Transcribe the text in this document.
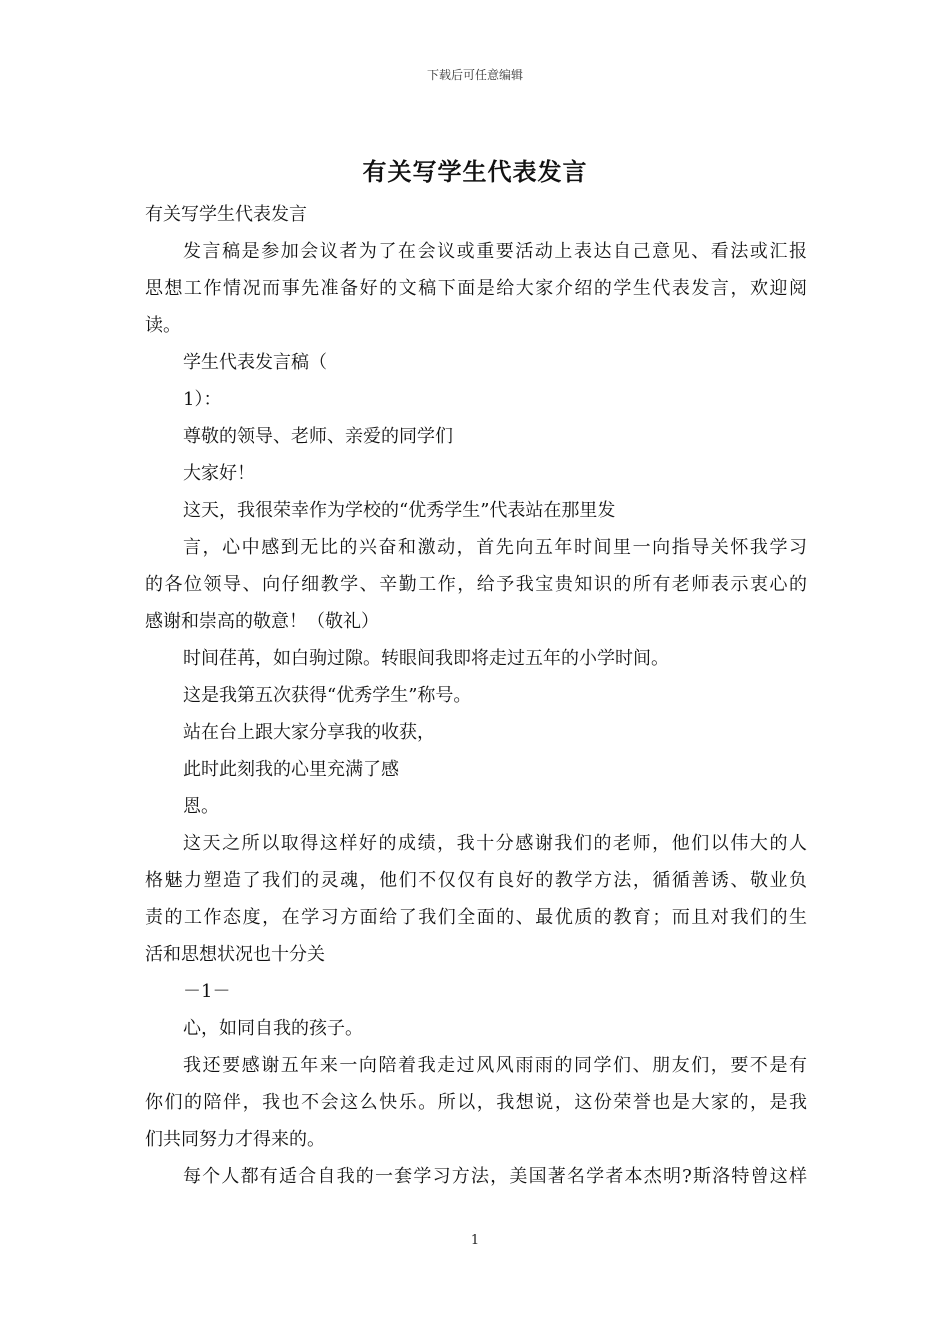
下载后可任意编辑
有关写学生代表发言
有关写学生代表发言
发言稿是参加会议者为了在会议或重要活动上表达自己意见、看法或汇报
思想工作情况而事先准备好的文稿下面是给大家介绍的学生代表发言，欢迎阅
读。
学生代表发言稿（
1）：
尊敬的领导、老师、亲爱的同学们
大家好！
这天，我很荣幸作为学校的“优秀学生”代表站在那里发
言，心中感到无比的兴奋和激动，首先向五年时间里一向指导关怀我学习
的各位领导、向仔细教学、辛勤工作，给予我宝贵知识的所有老师表示衷心的
感谢和崇高的敬意！（敬礼）
时间荏苒，如白驹过隙。转眼间我即将走过五年的小学时间。
这是我第五次获得“优秀学生”称号。
站在台上跟大家分享我的收获，
此时此刻我的心里充满了感
恩。
这天之所以取得这样好的成绩，我十分感谢我们的老师，他们以伟大的人
格魅力塑造了我们的灵魂，他们不仅仅有良好的教学方法，循循善诱、敬业负
责的工作态度，在学习方面给了我们全面的、最优质的教育；而且对我们的生
活和思想状况也十分关
－1－
心，如同自我的孩子。
我还要感谢五年来一向陪着我走过风风雨雨的同学们、朋友们，要不是有
你们的陪伴，我也不会这么快乐。所以，我想说，这份荣誉也是大家的，是我
们共同努力才得来的。
每个人都有适合自我的一套学习方法，美国著名学者本杰明?斯洛特曾这样
1
